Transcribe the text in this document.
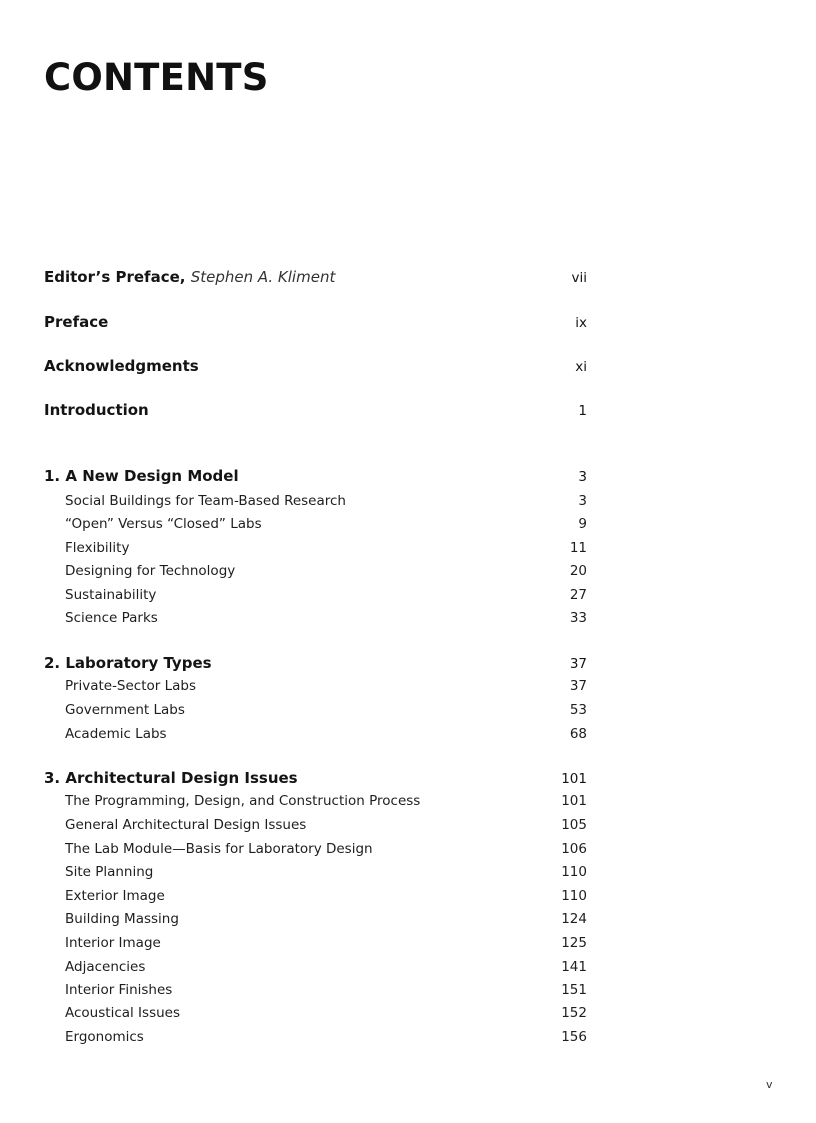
CONTENTS
Editor’s Preface, Stephen A. Kliment	vii
Preface	ix
Acknowledgments	xi
Introduction	1
1. A New Design Model	3
Social Buildings for Team-Based Research	3
“Open” Versus “Closed” Labs	9
Flexibility	11
Designing for Technology	20
Sustainability	27
Science Parks	33
2. Laboratory Types	37
Private-Sector Labs	37
Government Labs	53
Academic Labs	68
3. Architectural Design Issues	101
The Programming, Design, and Construction Process	101
General Architectural Design Issues	105
The Lab Module—Basis for Laboratory Design	106
Site Planning	110
Exterior Image	110
Building Massing	124
Interior Image	125
Adjacencies	141
Interior Finishes	151
Acoustical Issues	152
Ergonomics	156
v
